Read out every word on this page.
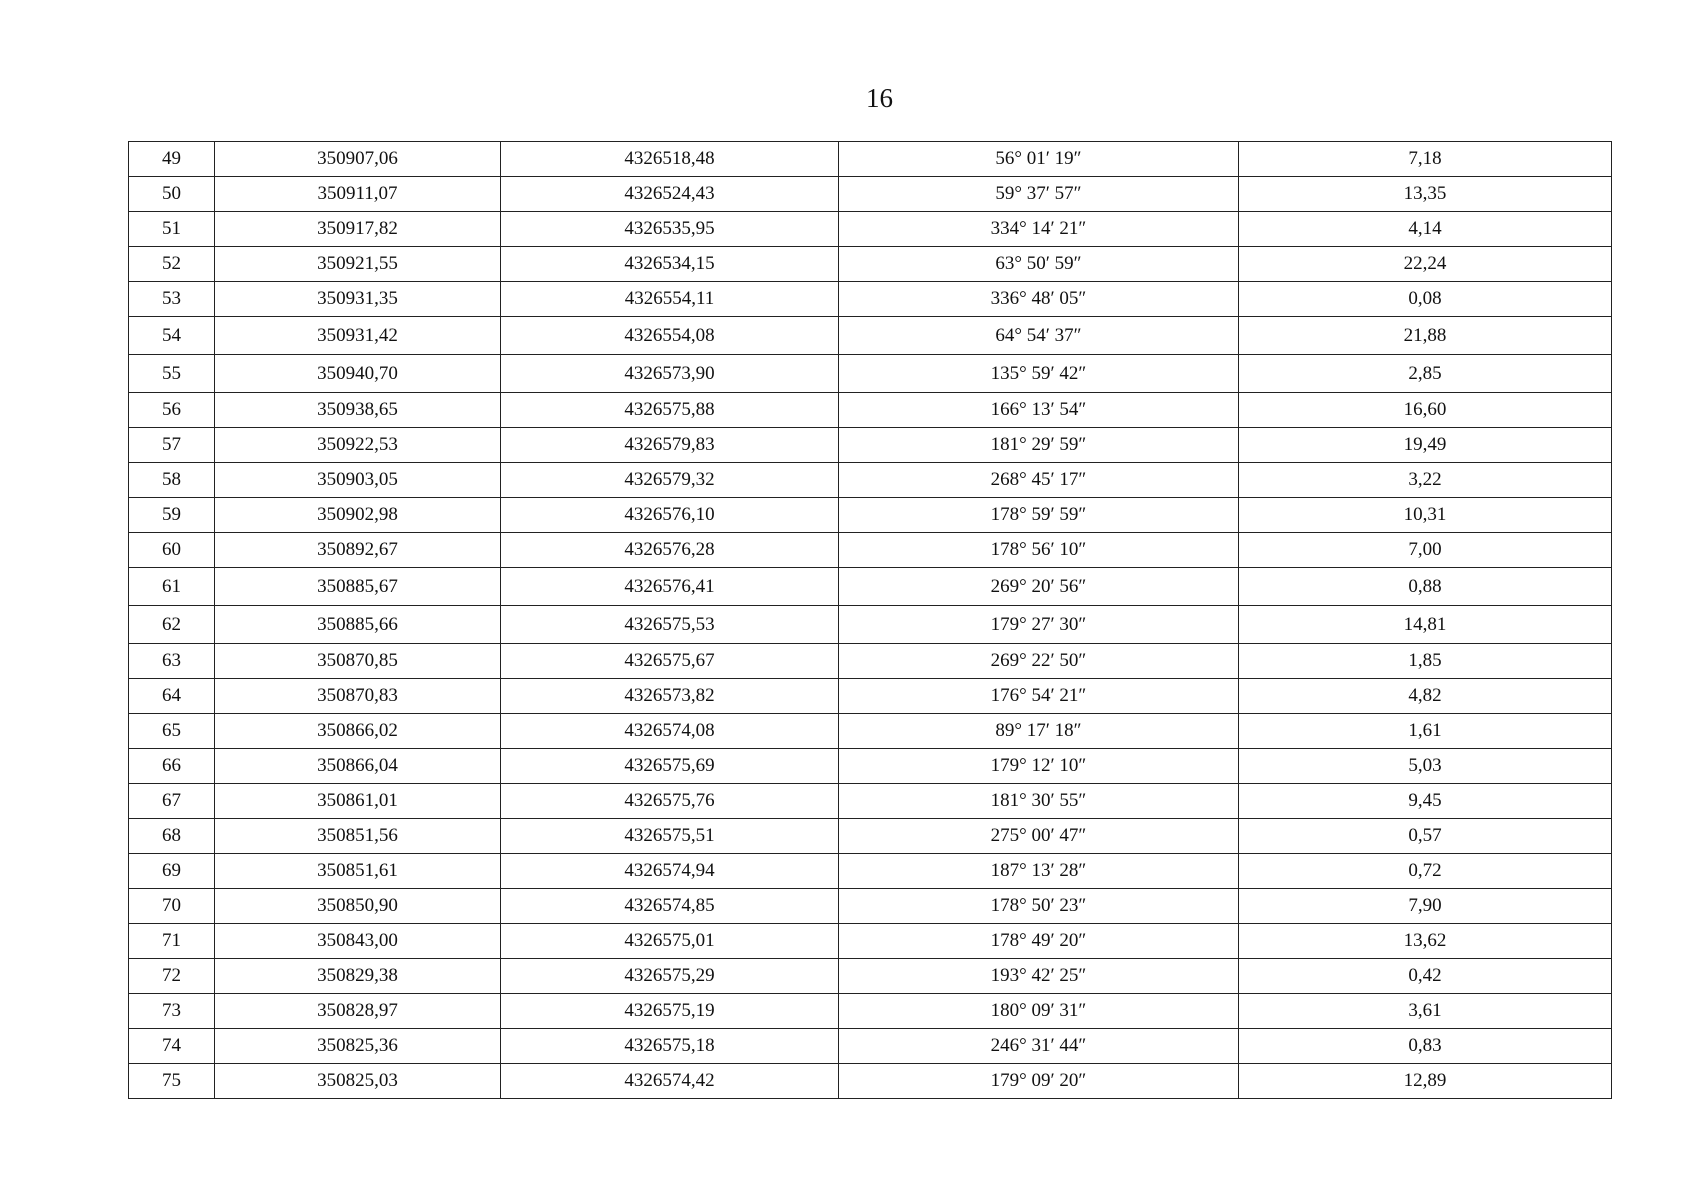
16
49	350907,06	4326518,48	56° 01′ 19″	7,18
50	350911,07	4326524,43	59° 37′ 57″	13,35
51	350917,82	4326535,95	334° 14′ 21″	4,14
52	350921,55	4326534,15	63° 50′ 59″	22,24
53	350931,35	4326554,11	336° 48′ 05″	0,08
54	350931,42	4326554,08	64° 54′ 37″	21,88
55	350940,70	4326573,90	135° 59′ 42″	2,85
56	350938,65	4326575,88	166° 13′ 54″	16,60
57	350922,53	4326579,83	181° 29′ 59″	19,49
58	350903,05	4326579,32	268° 45′ 17″	3,22
59	350902,98	4326576,10	178° 59′ 59″	10,31
60	350892,67	4326576,28	178° 56′ 10″	7,00
61	350885,67	4326576,41	269° 20′ 56″	0,88
62	350885,66	4326575,53	179° 27′ 30″	14,81
63	350870,85	4326575,67	269° 22′ 50″	1,85
64	350870,83	4326573,82	176° 54′ 21″	4,82
65	350866,02	4326574,08	89° 17′ 18″	1,61
66	350866,04	4326575,69	179° 12′ 10″	5,03
67	350861,01	4326575,76	181° 30′ 55″	9,45
68	350851,56	4326575,51	275° 00′ 47″	0,57
69	350851,61	4326574,94	187° 13′ 28″	0,72
70	350850,90	4326574,85	178° 50′ 23″	7,90
71	350843,00	4326575,01	178° 49′ 20″	13,62
72	350829,38	4326575,29	193° 42′ 25″	0,42
73	350828,97	4326575,19	180° 09′ 31″	3,61
74	350825,36	4326575,18	246° 31′ 44″	0,83
75	350825,03	4326574,42	179° 09′ 20″	12,89
